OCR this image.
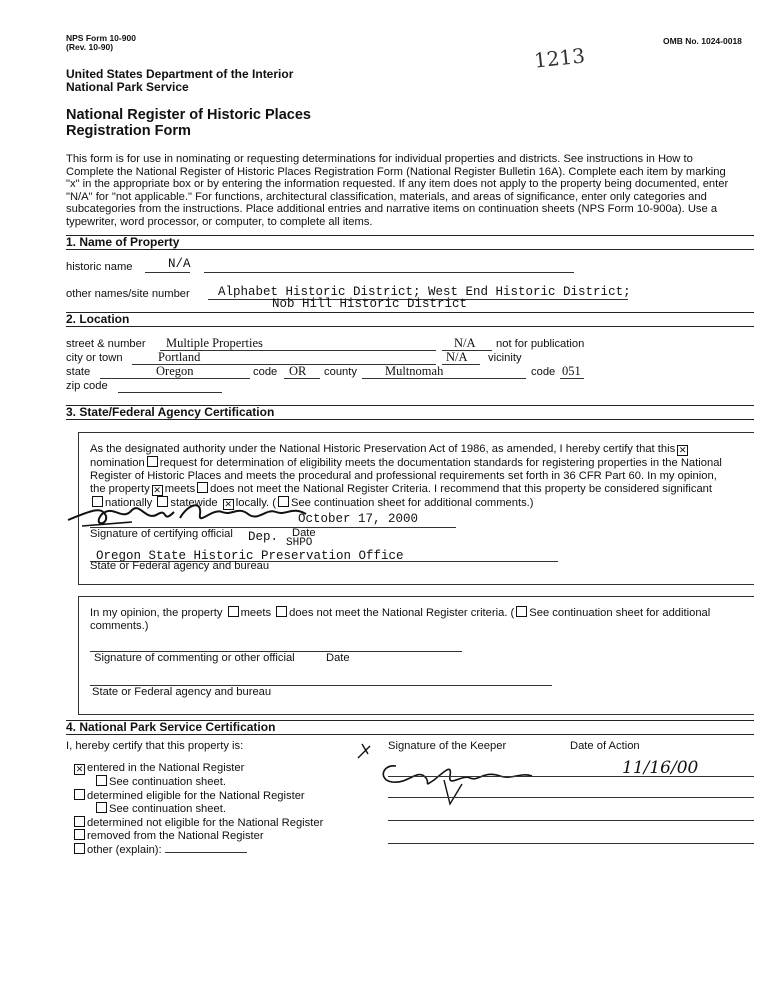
NPS Form 10-900
(Rev. 10-90)
OMB No. 1024-0018
1213
United States Department of the Interior
National Park Service
National Register of Historic Places
Registration Form
This form is for use in nominating or requesting determinations for individual properties and districts. See instructions in How to
Complete the National Register of Historic Places Registration Form (National Register Bulletin 16A). Complete each item by marking
"x" in the appropriate box or by entering the information requested. If any item does not apply to the property being documented, enter
"N/A" for "not applicable." For functions, architectural classification, materials, and areas of significance, enter only categories and
subcategories from the instructions. Place additional entries and narrative items on continuation sheets (NPS Form 10-900a). Use a
typewriter, word processor, or computer, to complete all items.
1. Name of Property
historic name	N/A
other names/site number Alphabet Historic District; West End Historic District;
Nob Hill Historic District
2. Location
street & number Multiple Properties	N/A not for publication
city or town	Portland	N/A vicinity
state	Oregon	code OR county Multnomah	code 051
zip code
3. State/Federal Agency Certification
As the designated authority under the National Historic Preservation Act of 1986, as amended, I hereby certify that this✕
nomination request for determination of eligibility meets the documentation standards for registering properties in the National
Register of Historic Places and meets the procedural and professional requirements set forth in 36 CFR Part 60. In my opinion,
the property ✕ meets does not meet the National Register Criteria. I recommend that this property be considered significant
nationally statewide ✕ locally. ( See continuation sheet for additional comments.)
October 17, 2000
Signature of certifying official Dep. Date
SHPO
Oregon State Historic Preservation Office
State or Federal agency and bureau
In my opinion, the property meets does not meet the National Register criteria. ( See continuation sheet for additional
comments.)
Signature of commenting or other official	Date
State or Federal agency and bureau
4. National Park Service Certification
I, hereby certify that this property is:
✕entered in the National Register
See continuation sheet.
determined eligible for the National Register
See continuation sheet.
determined not eligible for the National Register
removed from the National Register
other (explain):
Signature of the Keeper	Date of Action
11/16/00
